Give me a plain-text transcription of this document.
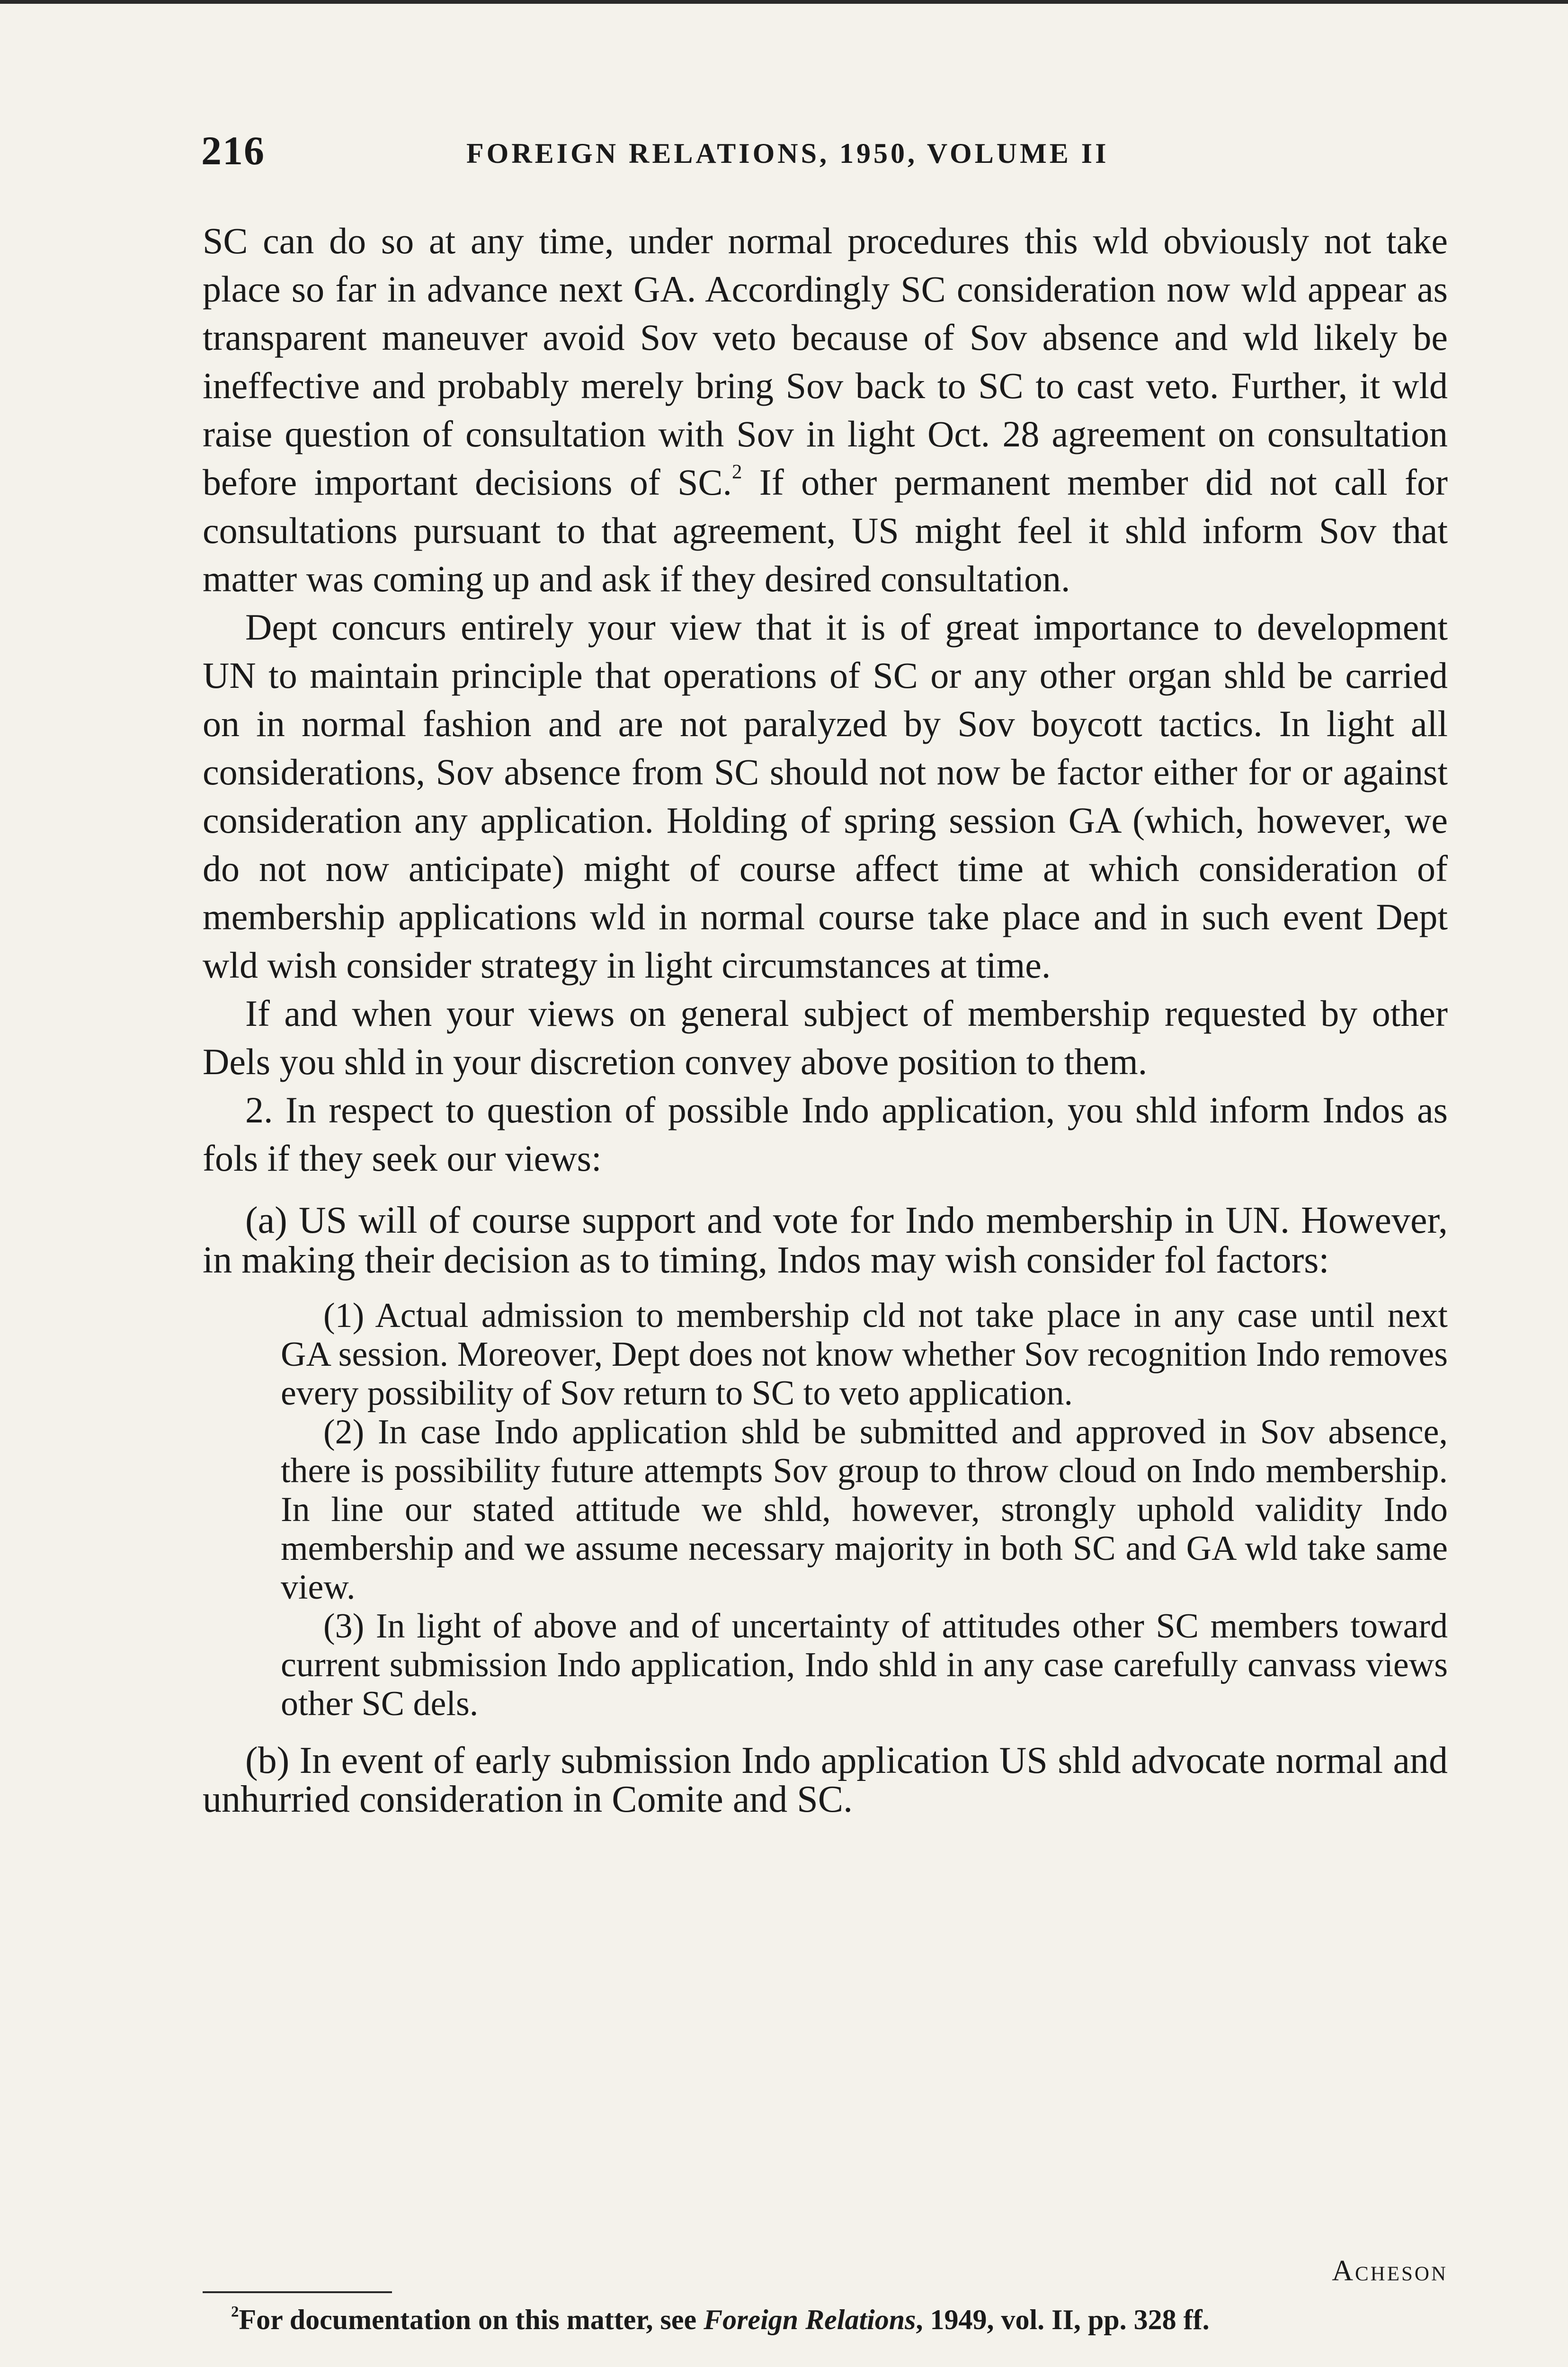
216	FOREIGN RELATIONS, 1950, VOLUME II

SC can do so at any time, under normal procedures this wld obviously not take place so far in advance next GA. Accordingly SC consideration now wld appear as transparent maneuver avoid Sov veto because of Sov absence and wld likely be ineffective and probably merely bring Sov back to SC to cast veto. Further, it wld raise question of consultation with Sov in light Oct. 28 agreement on consultation before important decisions of SC.$^2$ If other permanent member did not call for consultations pursuant to that agreement, US might feel it shld inform Sov that matter was coming up and ask if they desired consultation.

Dept concurs entirely your view that it is of great importance to development UN to maintain principle that operations of SC or any other organ shld be carried on in normal fashion and are not paralyzed by Sov boycott tactics. In light all considerations, Sov absence from SC should not now be factor either for or against consideration any application. Holding of spring session GA (which, however, we do not now anticipate) might of course affect time at which consideration of membership applications wld in normal course take place and in such event Dept wld wish consider strategy in light circumstances at time.

If and when your views on general subject of membership requested by other Dels you shld in your discretion convey above position to them.

2. In respect to question of possible Indo application, you shld inform Indos as fols if they seek our views:

(a) US will of course support and vote for Indo membership in UN. However, in making their decision as to timing, Indos may wish consider fol factors:

(1) Actual admission to membership cld not take place in any case until next GA session. Moreover, Dept does not know whether Sov recognition Indo removes every possibility of Sov return to SC to veto application.

(2) In case Indo application shld be submitted and approved in Sov absence, there is possibility future attempts Sov group to throw cloud on Indo membership. In line our stated attitude we shld, however, strongly uphold validity Indo membership and we assume necessary majority in both SC and GA wld take same view.

(3) In light of above and of uncertainty of attitudes other SC members toward current submission Indo application, Indo shld in any case carefully canvass views other SC dels.

(b) In event of early submission Indo application US shld advocate normal and unhurried consideration in Comite and SC.

Acheson
$^2$For documentation on this matter, see Foreign Relations, 1949, vol. II, pp. 328 ff.
